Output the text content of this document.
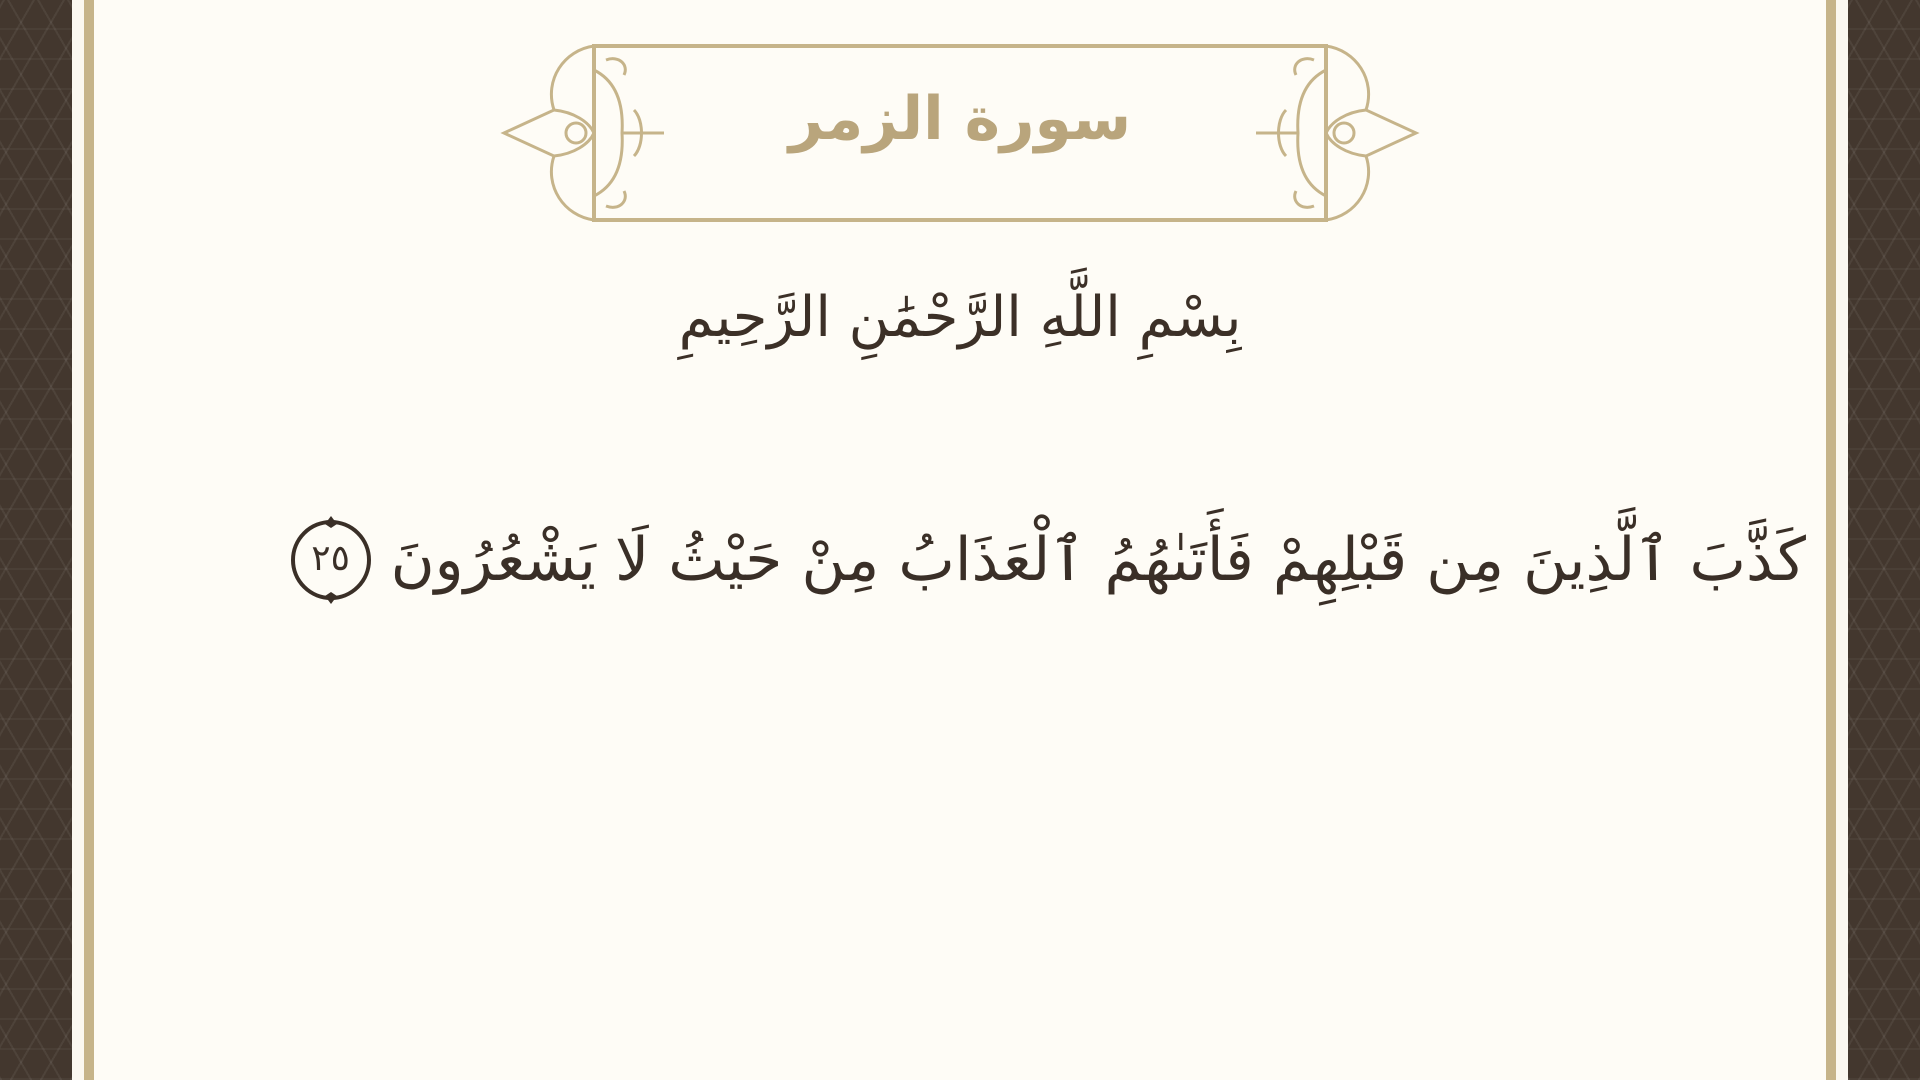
سورة الزمر
بِسْمِ اللَّهِ الرَّحْمَٰنِ الرَّحِيمِ
كَذَّبَ ٱلَّذِينَ مِن قَبْلِهِمْ فَأَتَىٰهُمُ ٱلْعَذَابُ مِنْ حَيْثُ لَا يَشْعُرُونَ
٢٥
